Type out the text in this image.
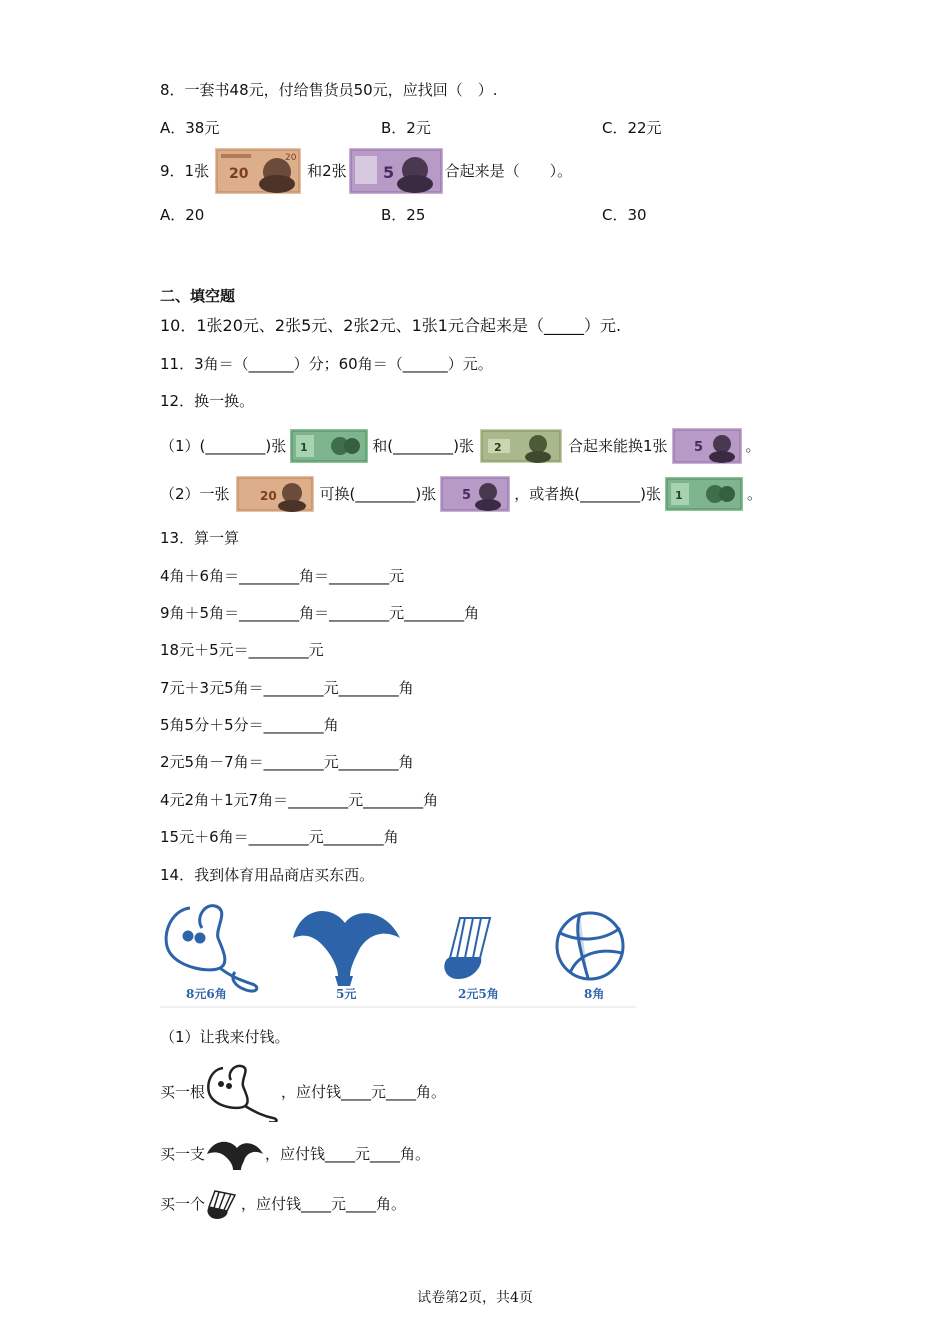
8．一套书48元，付给售货员50元，应找回（　）.
A．38元	B．2元	C．22元
9．1张 20
20
和2张 5	合起来是（　　）。
A．20	B．25	C．30
二、填空题
10．1张20元、2张5元、2张2元、1张1元合起来是（_____）元.
11．3角＝（______）分；60角＝（______）元。
12．换一换。
（1）(________)张 1	和(________)张 2	合起来能换1张 5	。
（2）一张	20	可换(________)张 5	，或者换(________)张 1	。
13．算一算
4角＋6角＝________角＝________元
9角＋5角＝________角＝________元________角
18元＋5元＝________元
7元＋3元5角＝________元________角
5角5分＋5分＝________角
2元5角－7角＝________元________角
4元2角＋1元7角＝________元________角
15元＋6角＝________元________角
14．我到体育用品商店买东西。
8元6角	5元	2元5角	8角
（1）让我来付钱。
买一根	，应付钱____元____角。
买一支	，应付钱____元____角。
买一个 ，应付钱____元____角。
试卷第2页，共4页
